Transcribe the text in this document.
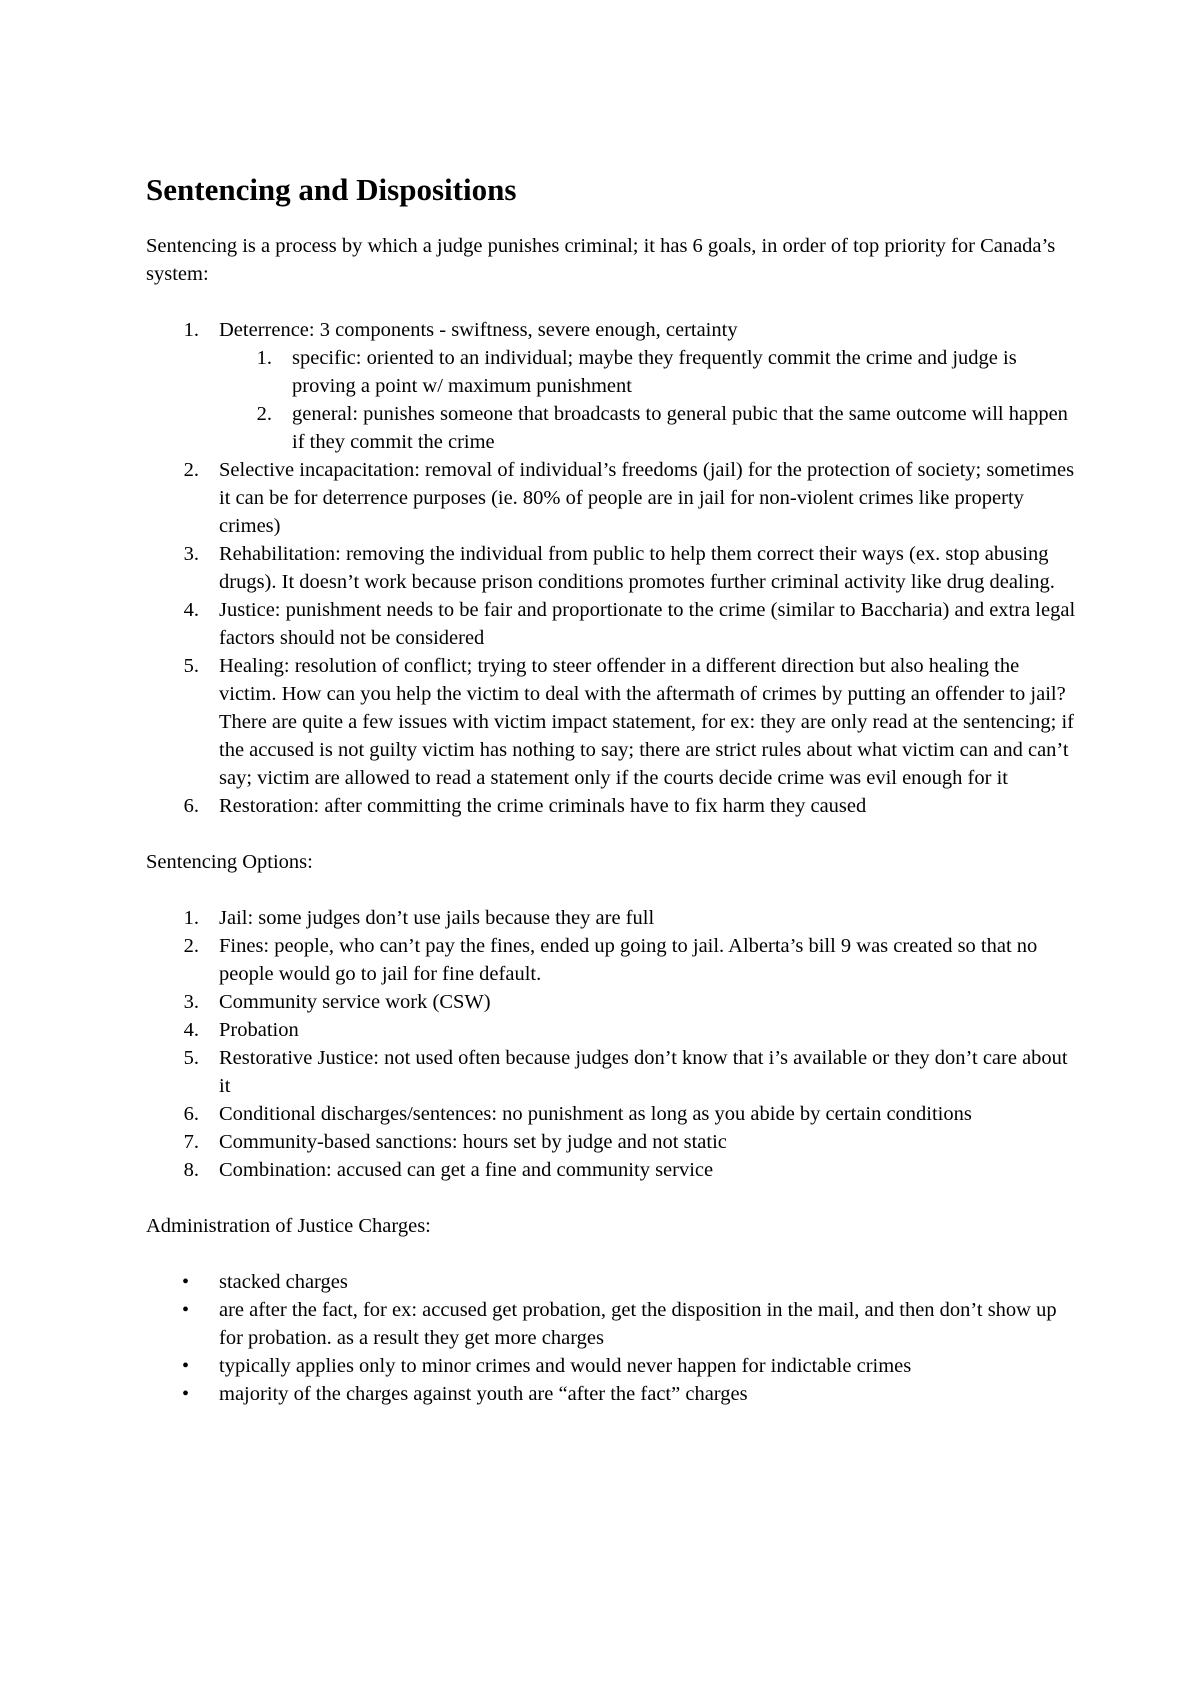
Sentencing and Dispositions

Sentencing is a process by which a judge punishes criminal; it has 6 goals, in order of top priority for Canada’s system:

1. Deterrence: 3 components - swiftness, severe enough, certainty
1. specific: oriented to an individual; maybe they frequently commit the crime and judge is proving a point w/ maximum punishment
2. general: punishes someone that broadcasts to general pubic that the same outcome will happen if they commit the crime
2. Selective incapacitation: removal of individual’s freedoms (jail) for the protection of society; sometimes it can be for deterrence purposes (ie. 80% of people are in jail for non-violent crimes like property crimes)
3. Rehabilitation: removing the individual from public to help them correct their ways (ex. stop abusing drugs). It doesn’t work because prison conditions promotes further criminal activity like drug dealing.
4. Justice: punishment needs to be fair and proportionate to the crime (similar to Baccharia) and extra legal factors should not be considered
5. Healing: resolution of conflict; trying to steer offender in a different direction but also healing the victim. How can you help the victim to deal with the aftermath of crimes by putting an offender to jail? There are quite a few issues with victim impact statement, for ex: they are only read at the sentencing; if the accused is not guilty victim has nothing to say; there are strict rules about what victim can and can’t say; victim are allowed to read a statement only if the courts decide crime was evil enough for it
6. Restoration: after committing the crime criminals have to fix harm they caused

Sentencing Options:

1. Jail: some judges don’t use jails because they are full
2. Fines: people, who can’t pay the fines, ended up going to jail. Alberta’s bill 9 was created so that no people would go to jail for fine default.
3. Community service work (CSW)
4. Probation
5. Restorative Justice: not used often because judges don’t know that i’s available or they don’t care about it
6. Conditional discharges/sentences: no punishment as long as you abide by certain conditions
7. Community-based sanctions: hours set by judge and not static
8. Combination: accused can get a fine and community service

Administration of Justice Charges:

• stacked charges
• are after the fact, for ex: accused get probation, get the disposition in the mail, and then don’t show up for probation. as a result they get more charges
• typically applies only to minor crimes and would never happen for indictable crimes
• majority of the charges against youth are “after the fact” charges
